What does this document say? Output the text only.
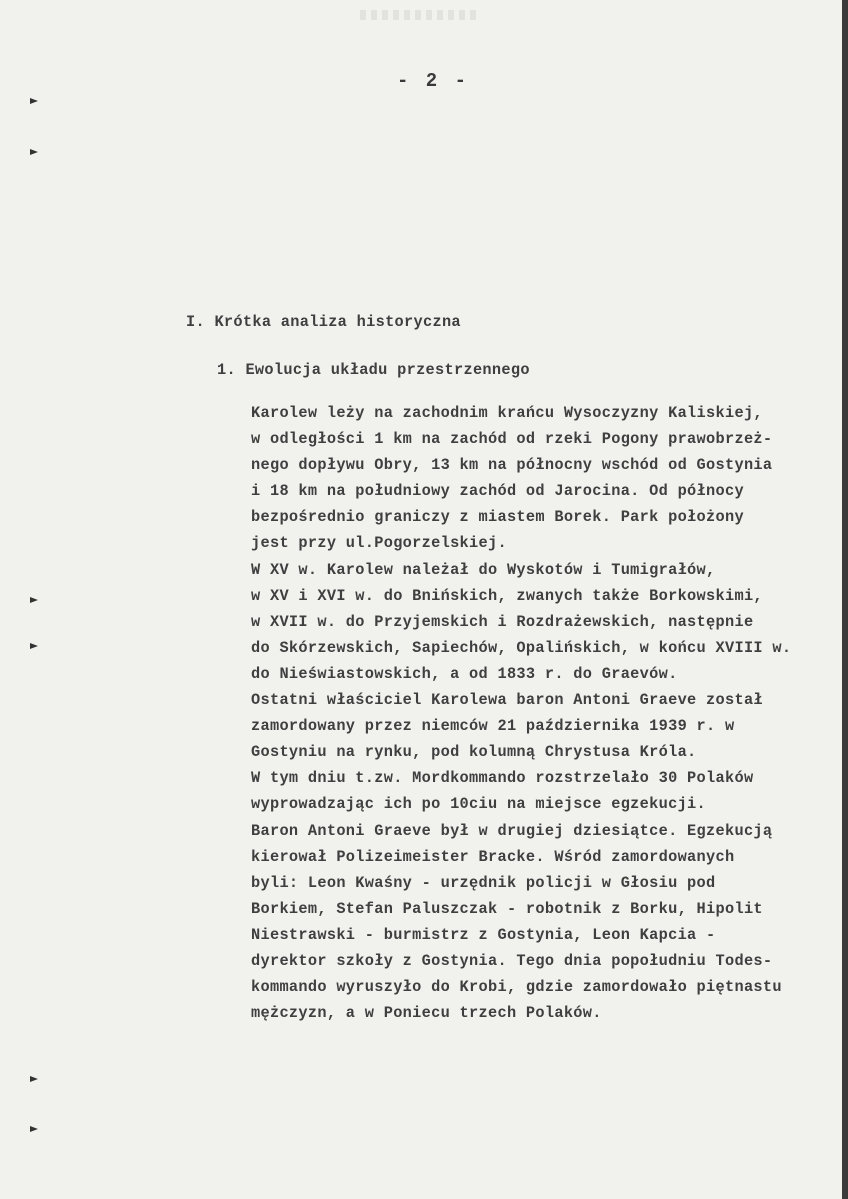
- 2 -
I. Krótka analiza historyczna
1. Ewolucja układu przestrzennego
Karolew leży na zachodnim krańcu Wysoczyzny Kaliskiej,
w odległości 1 km na zachód od rzeki Pogony prawobrzeż-
nego dopływu Obry, 13 km na północny wschód od Gostynia
i 18 km na południowy zachód od Jarocina. Od północy
bezpośrednio graniczy z miastem Borek. Park położony
jest przy ul.Pogorzelskiej.
W XV w. Karolew należał do Wyskotów i Tumigrałów,
w XV i XVI w. do Bnińskich, zwanych także Borkowskimi,
w XVII w. do Przyjemskich i Rozdrażewskich, następnie
do Skórzewskich, Sapiechów, Opalińskich, w końcu XVIII w.
do Nieświastowskich, a od 1833 r. do Graevów.
Ostatni właściciel Karolewa baron Antoni Graeve został
zamordowany przez niemców 21 października 1939 r. w
Gostyniu na rynku, pod kolumną Chrystusa Króla.
W tym dniu t.zw. Mordkommando rozstrzelało 30 Polaków
wyprowadzając ich po 10ciu na miejsce egzekucji.
Baron Antoni Graeve był w drugiej dziesiątce. Egzekucją
kierował Polizeimeister Bracke. Wśród zamordowanych
byli: Leon Kwaśny - urzędnik policji w Głosiu pod
Borkiem, Stefan Paluszczak - robotnik z Borku, Hipolit
Niestrawski - burmistrz z Gostynia, Leon Kapcia -
dyrektor szkoły z Gostynia. Tego dnia popołudniu Todes-
kommando wyruszyło do Krobi, gdzie zamordowało piętnastu
mężczyzn, a w Poniecu trzech Polaków.
